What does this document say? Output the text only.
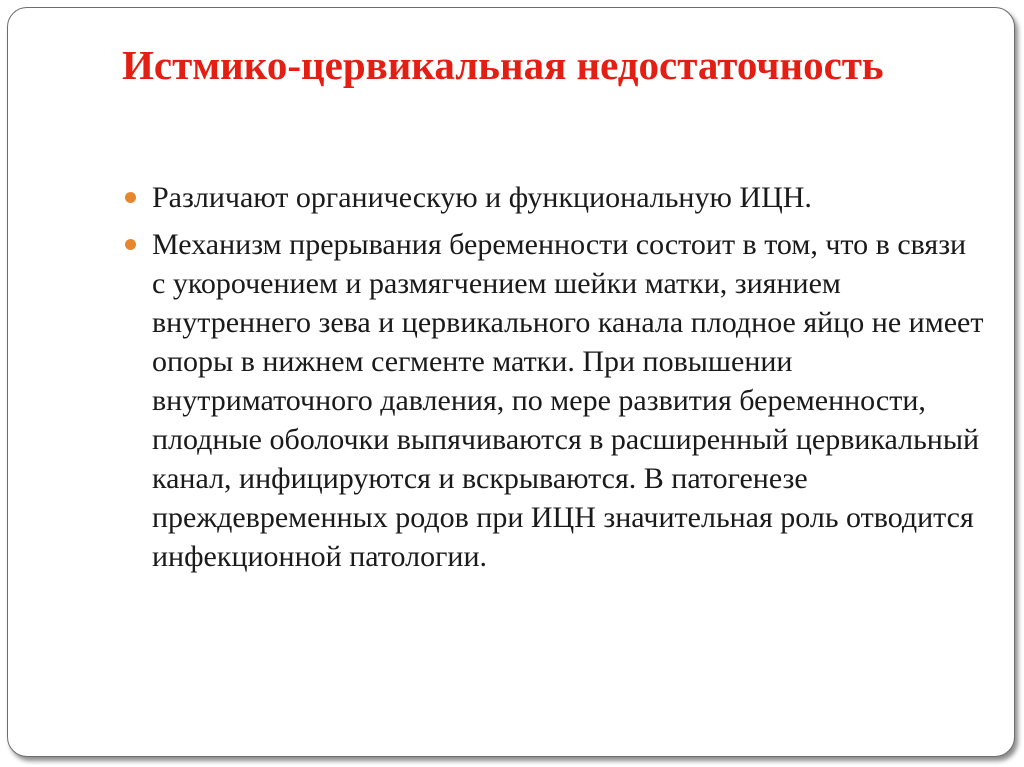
Истмико-цервикальная недостаточность
Различают органическую и функциональную ИЦН.
Механизм прерывания беременности состоит в том, что в связи с укорочением и размягчением шейки матки, зиянием внутреннего зева и цервикального канала плодное яйцо не имеет опоры в нижнем сегменте матки. При повышении внутриматочного давления, по мере развития беременности, плодные оболочки выпячиваются в расширенный цервикальный канал, инфицируются и вскрываются. В патогенезе преждевременных родов при ИЦН значительная роль отводится инфекционной патологии.
